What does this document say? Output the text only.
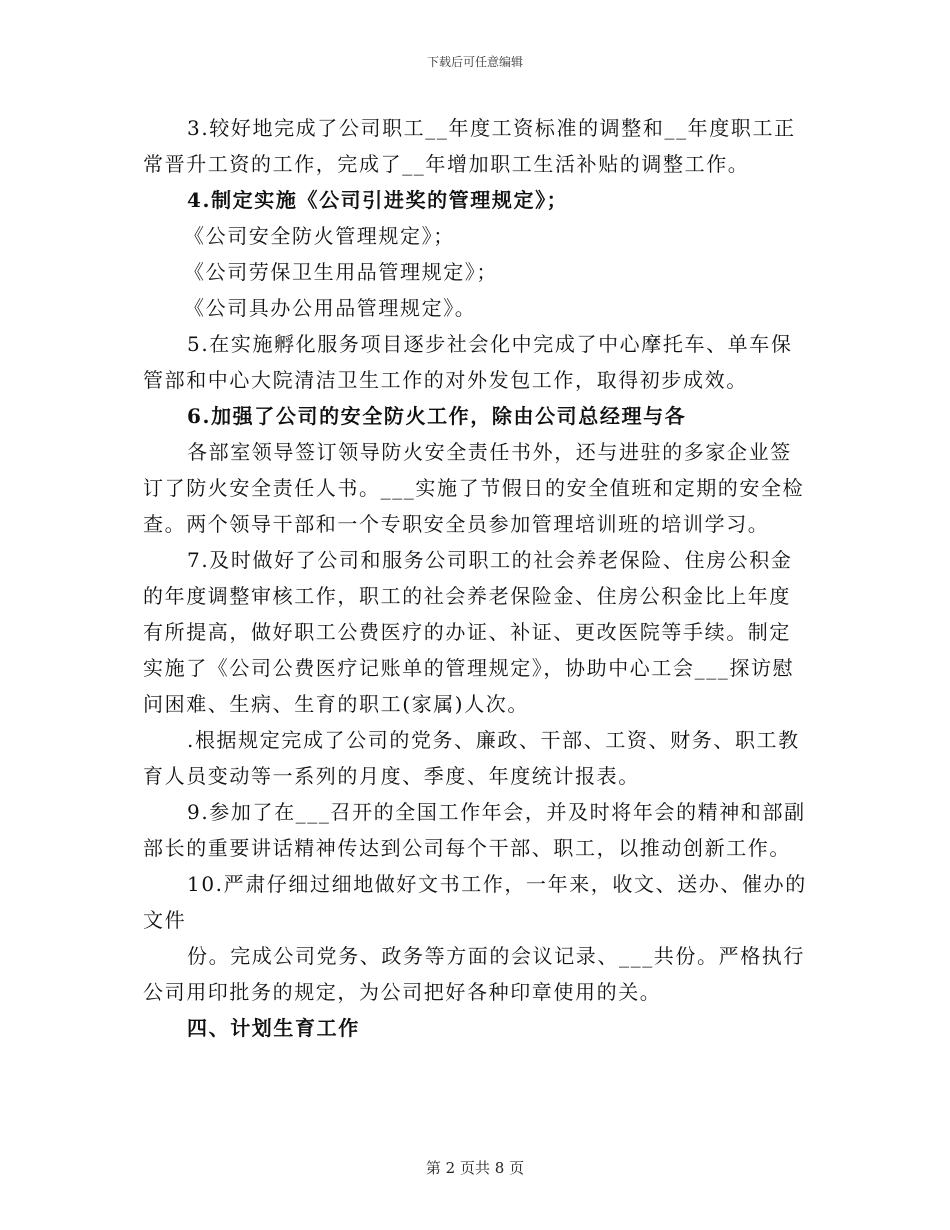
下载后可任意编辑
3.较好地完成了公司职工__年度工资标准的调整和__年度职工正
常晋升工资的工作，完成了__年增加职工生活补贴的调整工作。
4.制定实施《公司引进奖的管理规定》；
《公司安全防火管理规定》；
《公司劳保卫生用品管理规定》；
《公司具办公用品管理规定》。
5.在实施孵化服务项目逐步社会化中完成了中心摩托车、单车保
管部和中心大院清洁卫生工作的对外发包工作，取得初步成效。
6.加强了公司的安全防火工作，除由公司总经理与各
各部室领导签订领导防火安全责任书外，还与进驻的多家企业签
订了防火安全责任人书。___实施了节假日的安全值班和定期的安全检
查。两个领导干部和一个专职安全员参加管理培训班的培训学习。
7.及时做好了公司和服务公司职工的社会养老保险、住房公积金
的年度调整审核工作，职工的社会养老保险金、住房公积金比上年度
有所提高，做好职工公费医疗的办证、补证、更改医院等手续。制定
实施了《公司公费医疗记账单的管理规定》，协助中心工会___探访慰
问困难、生病、生育的职工(家属)人次。
.根据规定完成了公司的党务、廉政、干部、工资、财务、职工教
育人员变动等一系列的月度、季度、年度统计报表。
9.参加了在___召开的全国工作年会，并及时将年会的精神和部副
部长的重要讲话精神传达到公司每个干部、职工，以推动创新工作。
10.严肃仔细过细地做好文书工作，一年来，收文、送办、催办的
文件
份。完成公司党务、政务等方面的会议记录、___共份。严格执行
公司用印批务的规定，为公司把好各种印章使用的关。
四、计划生育工作
第 2 页共 8 页
